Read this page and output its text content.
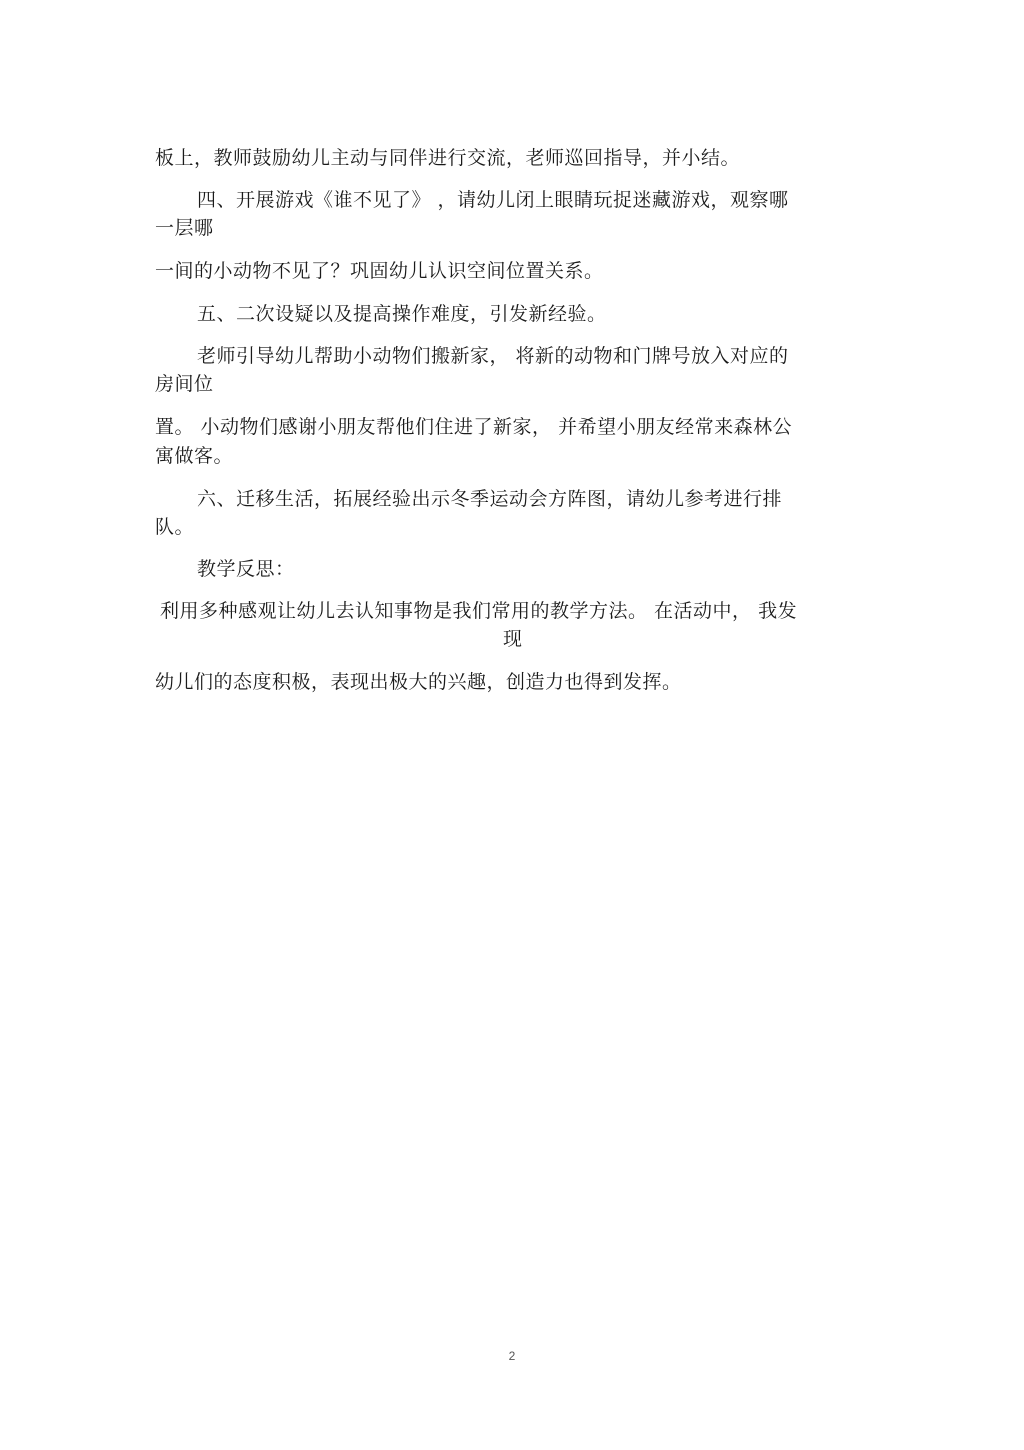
板上，教师鼓励幼儿主动与同伴进行交流，老师巡回指导，并小结。
四、开展游戏《谁不见了》 ，请幼儿闭上眼睛玩捉迷藏游戏，观察哪
一层哪
一间的小动物不见了？巩固幼儿认识空间位置关系。
五、二次设疑以及提高操作难度，引发新经验。
老师引导幼儿帮助小动物们搬新家， 将新的动物和门牌号放入对应的
房间位
置。 小动物们感谢小朋友帮他们住进了新家， 并希望小朋友经常来森林公
寓做客。
六、迁移生活，拓展经验出示冬季运动会方阵图，请幼儿参考进行排
队。
教学反思：
利用多种感观让幼儿去认知事物是我们常用的教学方法。 在活动中， 我发
现
幼儿们的态度积极，表现出极大的兴趣，创造力也得到发挥。
2
